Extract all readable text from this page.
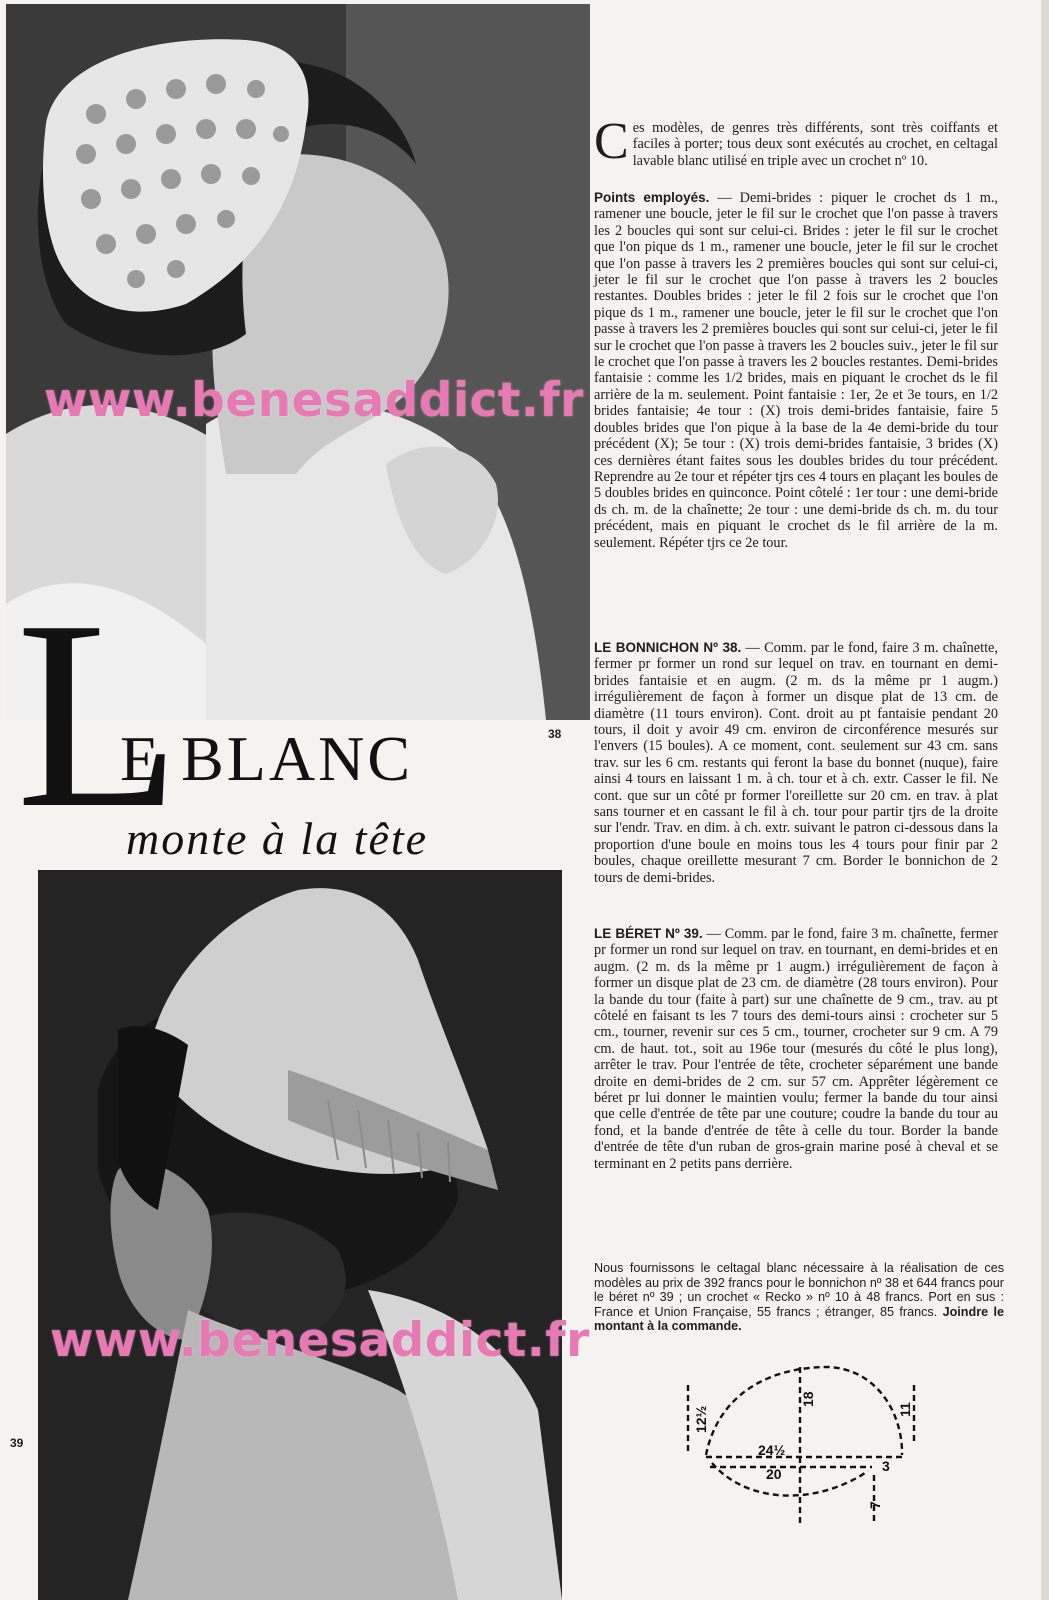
www.benesaddict.fr
L
E BLANC
monte à la tête
38
www.benesaddict.fr
39

Ces modèles, de genres très différents, sont très coiffants et faciles à porter; tous deux sont exécutés au crochet, en celtagal lavable blanc utilisé en triple avec un crochet nº 10.

Points employés. — Demi-brides : piquer le crochet ds 1 m., ramener une boucle, jeter le fil sur le crochet que l'on passe à travers les 2 boucles qui sont sur celui-ci. Brides : jeter le fil sur le crochet que l'on pique ds 1 m., ramener une boucle, jeter le fil sur le crochet que l'on passe à travers les 2 premières boucles qui sont sur celui-ci, jeter le fil sur le crochet que l'on passe à travers les 2 boucles restantes. Doubles brides : jeter le fil 2 fois sur le crochet que l'on pique ds 1 m., ramener une boucle, jeter le fil sur le crochet que l'on passe à travers les 2 premières boucles qui sont sur celui-ci, jeter le fil sur le crochet que l'on passe à travers les 2 boucles suiv., jeter le fil sur le crochet que l'on passe à travers les 2 boucles restantes. Demi-brides fantaisie : comme les 1/2 brides, mais en piquant le crochet ds le fil arrière de la m. seulement. Point fantaisie : 1er, 2e et 3e tours, en 1/2 brides fantaisie; 4e tour : (X) trois demi-brides fantaisie, faire 5 doubles brides que l'on pique à la base de la 4e demi-bride du tour précédent (X); 5e tour : (X) trois demi-brides fantaisie, 3 brides (X) ces dernières étant faites sous les doubles brides du tour précédent. Reprendre au 2e tour et répéter tjrs ces 4 tours en plaçant les boules de 5 doubles brides en quinconce. Point côtelé : 1er tour : une demi-bride ds ch. m. de la chaînette; 2e tour : une demi-bride ds ch. m. du tour précédent, mais en piquant le crochet ds le fil arrière de la m. seulement. Répéter tjrs ce 2e tour.

LE BONNICHON Nº 38. — Comm. par le fond, faire 3 m. chaînette, fermer pr former un rond sur lequel on trav. en tournant en demi-brides fantaisie et en augm. (2 m. ds la même pr 1 augm.) irrégulièrement de façon à former un disque plat de 13 cm. de diamètre (11 tours environ). Cont. droit au pt fantaisie pendant 20 tours, il doit y avoir 49 cm. environ de circonférence mesurés sur l'envers (15 boules). A ce moment, cont. seulement sur 43 cm. sans trav. sur les 6 cm. restants qui feront la base du bonnet (nuque), faire ainsi 4 tours en laissant 1 m. à ch. tour et à ch. extr. Casser le fil. Ne cont. que sur un côté pr former l'oreillette sur 20 cm. en trav. à plat sans tourner et en cassant le fil à ch. tour pour partir tjrs de la droite sur l'endr. Trav. en dim. à ch. extr. suivant le patron ci-dessous dans la proportion d'une boule en moins tous les 4 tours pour finir par 2 boules, chaque oreillette mesurant 7 cm. Border le bonnichon de 2 tours de demi-brides.

LE BÉRET Nº 39. — Comm. par le fond, faire 3 m. chaînette, fermer pr former un rond sur lequel on trav. en tournant, en demi-brides et en augm. (2 m. ds la même pr 1 augm.) irrégulièrement de façon à former un disque plat de 23 cm. de diamètre (28 tours environ). Pour la bande du tour (faite à part) sur une chaînette de 9 cm., trav. au pt côtelé en faisant ts les 7 tours des demi-tours ainsi : crocheter sur 5 cm., tourner, revenir sur ces 5 cm., tourner, crocheter sur 9 cm. A 79 cm. de haut. tot., soit au 196e tour (mesurés du côté le plus long), arrêter le trav. Pour l'entrée de tête, crocheter séparément une bande droite en demi-brides de 2 cm. sur 57 cm. Apprêter légèrement ce béret pr lui donner le maintien voulu; fermer la bande du tour ainsi que celle d'entrée de tête par une couture; coudre la bande du tour au fond, et la bande d'entrée de tête à celle du tour. Border la bande d'entrée de tête d'un ruban de gros-grain marine posé à cheval et se terminant en 2 petits pans derrière.

Nous fournissons le celtagal blanc nécessaire à la réalisation de ces modèles au prix de 392 francs pour le bonnichon nº 38 et 644 francs pour le béret nº 39 ; un crochet « Recko » nº 10 à 48 francs. Port en sus : France et Union Française, 55 francs ; étranger, 85 francs. Joindre le montant à la commande.
12½
18
11
24½
20
7
3
